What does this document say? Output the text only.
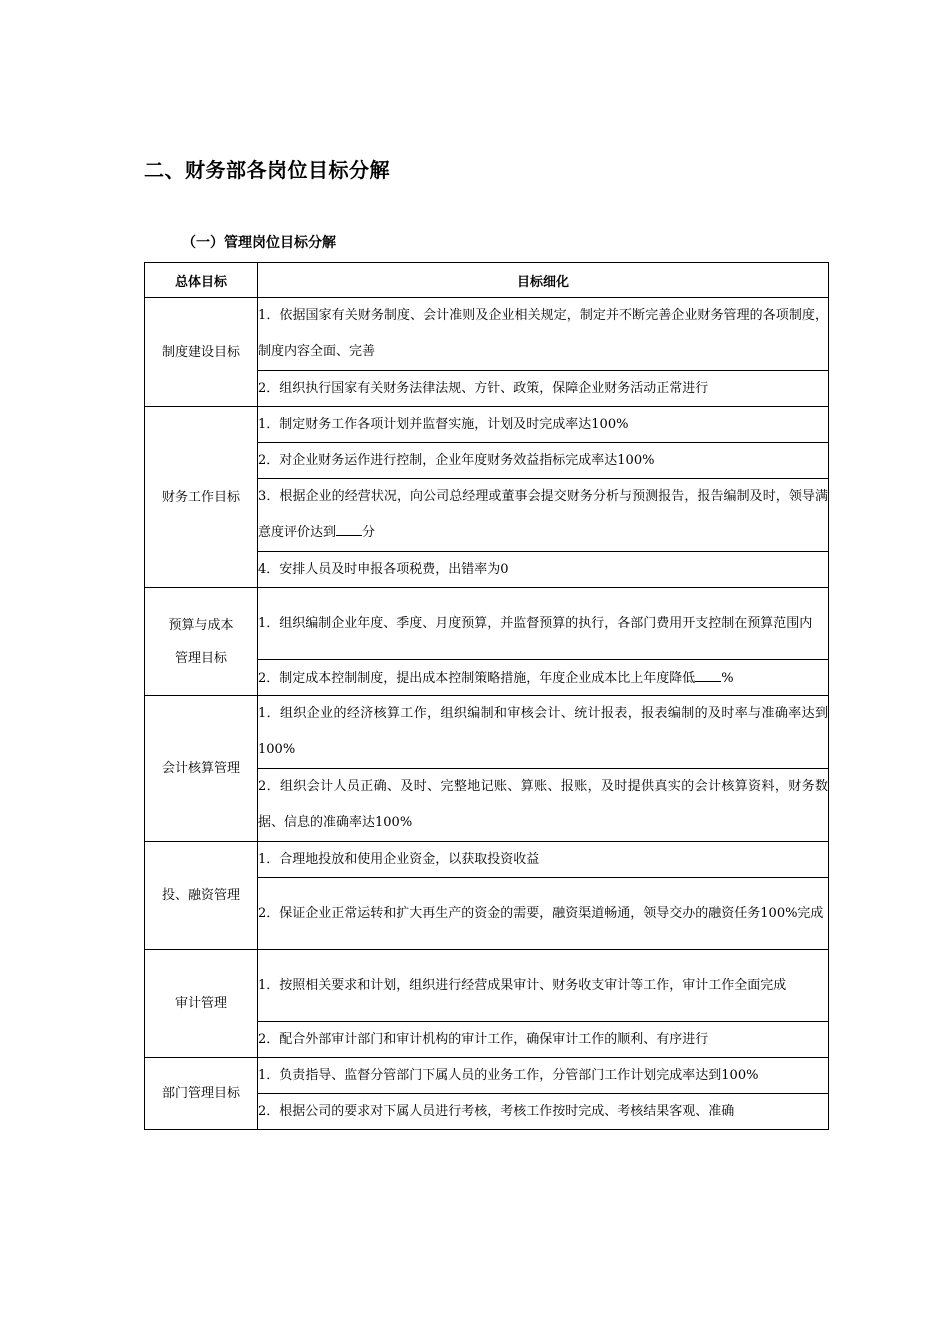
二、财务部各岗位目标分解
（一）管理岗位目标分解
总体目标	目标细化
制度建设目标	1．依据国家有关财务制度、会计准则及企业相关规定，制定并不断完善企业财务管理的各项制度，制度内容全面、完善
	2．组织执行国家有关财务法律法规、方针、政策，保障企业财务活动正常进行
财务工作目标	1．制定财务工作各项计划并监督实施，计划及时完成率达100%
	2．对企业财务运作进行控制，企业年度财务效益指标完成率达100%
	3．根据企业的经营状况，向公司总经理或董事会提交财务分析与预测报告，报告编制及时，领导满意度评价达到 分
	4．安排人员及时申报各项税费，出错率为0
预算与成本
管理目标	1．组织编制企业年度、季度、月度预算，并监督预算的执行，各部门费用开支控制在预算范围内
	2．制定成本控制制度，提出成本控制策略措施，年度企业成本比上年度降低 %
会计核算管理	1．组织企业的经济核算工作，组织编制和审核会计、统计报表，报表编制的及时率与准确率达到100%
	2．组织会计人员正确、及时、完整地记账、算账、报账，及时提供真实的会计核算资料，财务数据、信息的准确率达100%
投、融资管理	1．合理地投放和使用企业资金，以获取投资收益
	2．保证企业正常运转和扩大再生产的资金的需要，融资渠道畅通，领导交办的融资任务100%完成
审计管理	1．按照相关要求和计划，组织进行经营成果审计、财务收支审计等工作，审计工作全面完成
	2．配合外部审计部门和审计机构的审计工作，确保审计工作的顺利、有序进行
部门管理目标	1．负责指导、监督分管部门下属人员的业务工作，分管部门工作计划完成率达到100%
	2．根据公司的要求对下属人员进行考核，考核工作按时完成、考核结果客观、准确
